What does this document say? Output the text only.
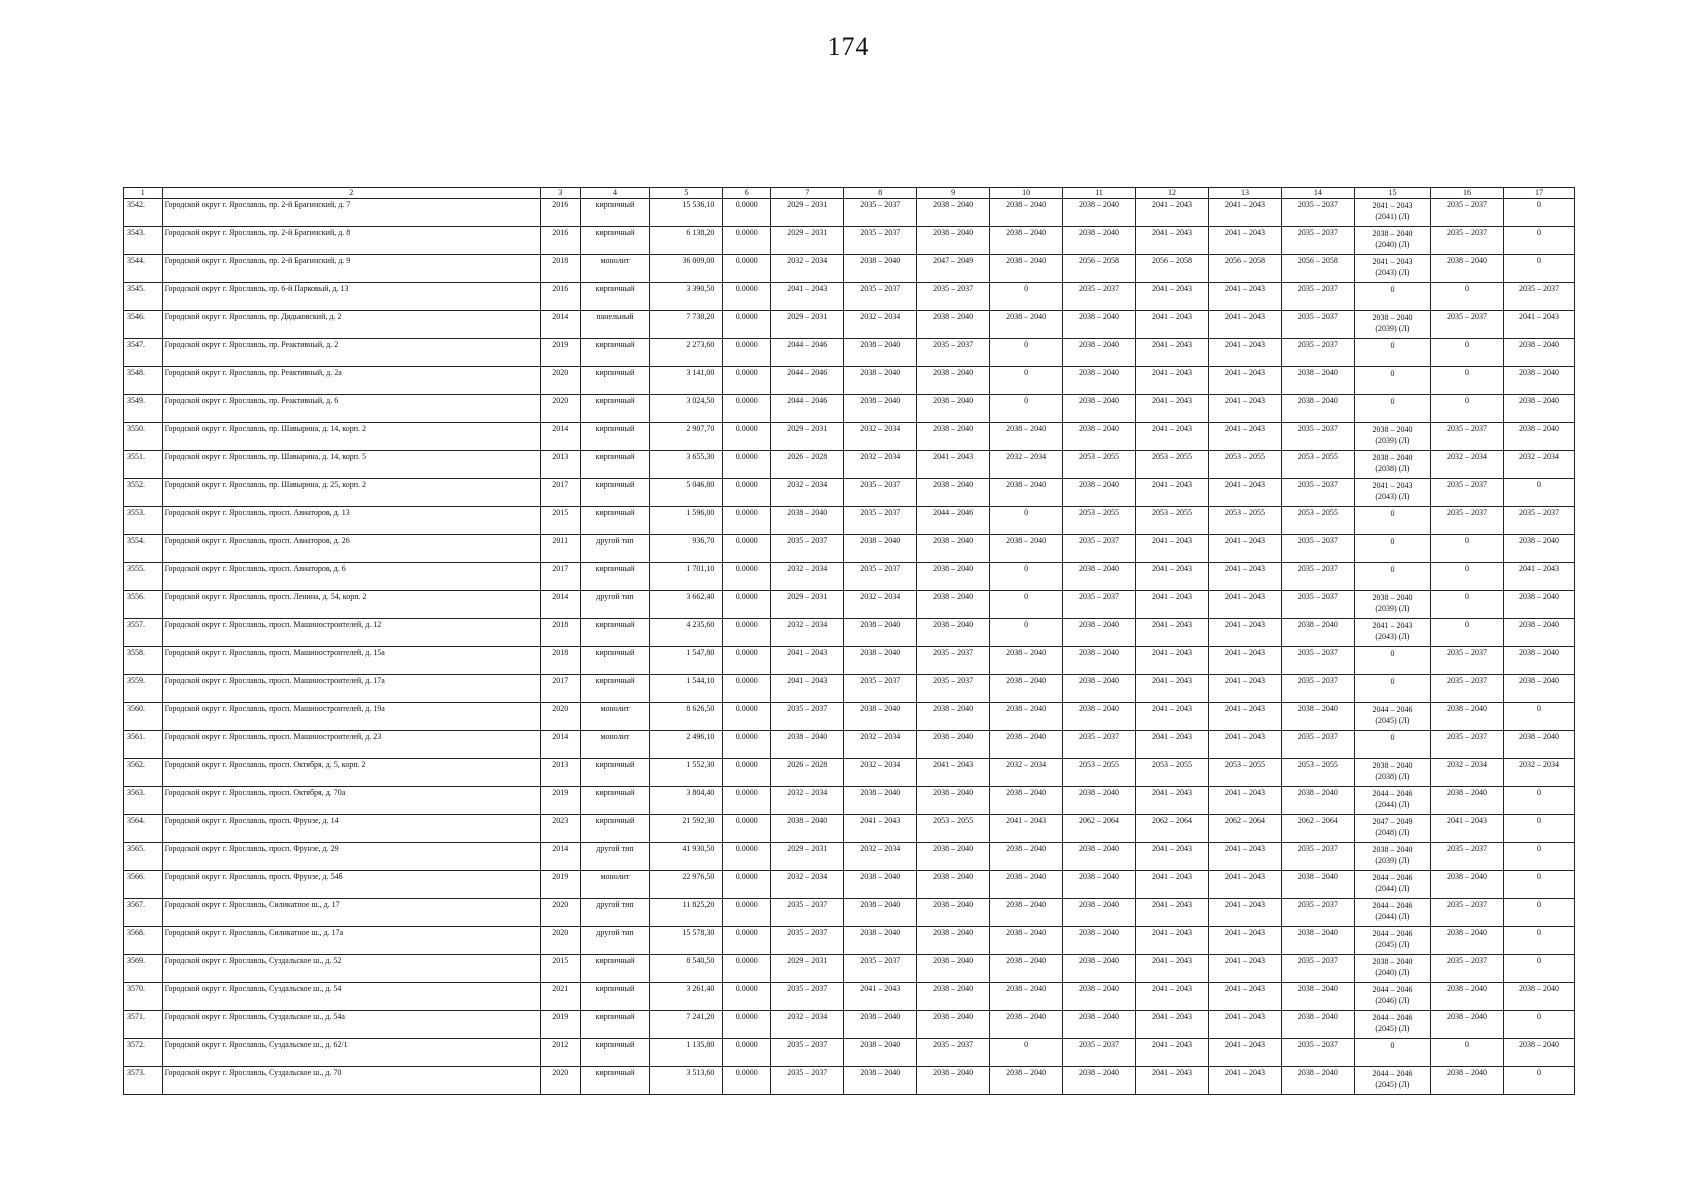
174
1	2	3	4	5	6	7	8	9	10	11	12	13	14	15	16	17
3542.	Городской округ г. Ярославль, пр. 2-й Брагинский, д. 7	2016	кирпичный	15 536,10	0.0000	2029 – 2031	2035 – 2037	2038 – 2040	2038 – 2040	2038 – 2040	2041 – 2043	2041 – 2043	2035 – 2037	2041 – 2043
(2041) (Л)	2035 – 2037	0
3543.	Городской округ г. Ярославль, пр. 2-й Брагинский, д. 8	2016	кирпичный	6 138,20	0.0000	2029 – 2031	2035 – 2037	2038 – 2040	2038 – 2040	2038 – 2040	2041 – 2043	2041 – 2043	2035 – 2037	2038 – 2040
(2040) (Л)	2035 – 2037	0
3544.	Городской округ г. Ярославль, пр. 2-й Брагинский, д. 9	2018	монолит	36 009,00	0.0000	2032 – 2034	2038 – 2040	2047 – 2049	2038 – 2040	2056 – 2058	2056 – 2058	2056 – 2058	2056 – 2058	2041 – 2043
(2043) (Л)	2038 – 2040	0
3545.	Городской округ г. Ярославль, пр. 6-й Парковый, д. 13	2016	кирпичный	3 390,50	0.0000	2041 – 2043	2035 – 2037	2035 – 2037	0	2035 – 2037	2041 – 2043	2041 – 2043	2035 – 2037	0	0	2035 – 2037
3546.	Городской округ г. Ярославль, пр. Дядьковский, д. 2	2014	панельный	7 730,20	0.0000	2029 – 2031	2032 – 2034	2038 – 2040	2038 – 2040	2038 – 2040	2041 – 2043	2041 – 2043	2035 – 2037	2038 – 2040
(2039) (Л)	2035 – 2037	2041 – 2043
3547.	Городской округ г. Ярославль, пр. Реактивный, д. 2	2019	кирпичный	2 273,60	0.0000	2044 – 2046	2038 – 2040	2035 – 2037	0	2038 – 2040	2041 – 2043	2041 – 2043	2035 – 2037	0	0	2038 – 2040
3548.	Городской округ г. Ярославль, пр. Реактивный, д. 2а	2020	кирпичный	3 141,00	0.0000	2044 – 2046	2038 – 2040	2038 – 2040	0	2038 – 2040	2041 – 2043	2041 – 2043	2038 – 2040	0	0	2038 – 2040
3549.	Городской округ г. Ярославль, пр. Реактивный, д. 6	2020	кирпичный	3 024,50	0.0000	2044 – 2046	2038 – 2040	2038 – 2040	0	2038 – 2040	2041 – 2043	2041 – 2043	2038 – 2040	0	0	2038 – 2040
3550.	Городской округ г. Ярославль, пр. Шавырина, д. 14, корп. 2	2014	кирпичный	2 907,70	0.0000	2029 – 2031	2032 – 2034	2038 – 2040	2038 – 2040	2038 – 2040	2041 – 2043	2041 – 2043	2035 – 2037	2038 – 2040
(2039) (Л)	2035 – 2037	2038 – 2040
3551.	Городской округ г. Ярославль, пр. Шавырина, д. 14, корп. 5	2013	кирпичный	3 655,30	0.0000	2026 – 2028	2032 – 2034	2041 – 2043	2032 – 2034	2053 – 2055	2053 – 2055	2053 – 2055	2053 – 2055	2038 – 2040
(2038) (Л)	2032 – 2034	2032 – 2034
3552.	Городской округ г. Ярославль, пр. Шавырина, д. 25, корп. 2	2017	кирпичный	5 046,80	0.0000	2032 – 2034	2035 – 2037	2038 – 2040	2038 – 2040	2038 – 2040	2041 – 2043	2041 – 2043	2035 – 2037	2041 – 2043
(2043) (Л)	2035 – 2037	0
3553.	Городской округ г. Ярославль, просп. Авиаторов, д. 13	2015	кирпичный	1 596,00	0.0000	2038 – 2040	2035 – 2037	2044 – 2046	0	2053 – 2055	2053 – 2055	2053 – 2055	2053 – 2055	0	2035 – 2037	2035 – 2037
3554.	Городской округ г. Ярославль, просп. Авиаторов, д. 26	2011	другой тип	936,70	0.0000	2035 – 2037	2038 – 2040	2038 – 2040	2038 – 2040	2035 – 2037	2041 – 2043	2041 – 2043	2035 – 2037	0	0	2038 – 2040
3555.	Городской округ г. Ярославль, просп. Авиаторов, д. 6	2017	кирпичный	1 701,10	0.0000	2032 – 2034	2035 – 2037	2038 – 2040	0	2038 – 2040	2041 – 2043	2041 – 2043	2035 – 2037	0	0	2041 – 2043
3556.	Городской округ г. Ярославль, просп. Ленина, д. 54, корп. 2	2014	другой тип	3 662,40	0.0000	2029 – 2031	2032 – 2034	2038 – 2040	0	2035 – 2037	2041 – 2043	2041 – 2043	2035 – 2037	2038 – 2040
(2039) (Л)	0	2038 – 2040
3557.	Городской округ г. Ярославль, просп. Машиностроителей, д. 12	2018	кирпичный	4 235,60	0.0000	2032 – 2034	2038 – 2040	2038 – 2040	0	2038 – 2040	2041 – 2043	2041 – 2043	2038 – 2040	2041 – 2043
(2043) (Л)	0	2038 – 2040
3558.	Городской округ г. Ярославль, просп. Машиностроителей, д. 15а	2018	кирпичный	1 547,80	0.0000	2041 – 2043	2038 – 2040	2035 – 2037	2038 – 2040	2038 – 2040	2041 – 2043	2041 – 2043	2035 – 2037	0	2035 – 2037	2038 – 2040
3559.	Городской округ г. Ярославль, просп. Машиностроителей, д. 17а	2017	кирпичный	1 544,10	0.0000	2041 – 2043	2035 – 2037	2035 – 2037	2038 – 2040	2038 – 2040	2041 – 2043	2041 – 2043	2035 – 2037	0	2035 – 2037	2038 – 2040
3560.	Городской округ г. Ярославль, просп. Машиностроителей, д. 19а	2020	монолит	8 626,50	0.0000	2035 – 2037	2038 – 2040	2038 – 2040	2038 – 2040	2038 – 2040	2041 – 2043	2041 – 2043	2038 – 2040	2044 – 2046
(2045) (Л)	2038 – 2040	0
3561.	Городской округ г. Ярославль, просп. Машиностроителей, д. 23	2014	монолит	2 496,10	0.0000	2038 – 2040	2032 – 2034	2038 – 2040	2038 – 2040	2035 – 2037	2041 – 2043	2041 – 2043	2035 – 2037	0	2035 – 2037	2038 – 2040
3562.	Городской округ г. Ярославль, просп. Октября, д. 5, корп. 2	2013	кирпичный	1 552,30	0.0000	2026 – 2028	2032 – 2034	2041 – 2043	2032 – 2034	2053 – 2055	2053 – 2055	2053 – 2055	2053 – 2055	2038 – 2040
(2038) (Л)	2032 – 2034	2032 – 2034
3563.	Городской округ г. Ярославль, просп. Октября, д. 70а	2019	кирпичный	3 804,40	0.0000	2032 – 2034	2038 – 2040	2038 – 2040	2038 – 2040	2038 – 2040	2041 – 2043	2041 – 2043	2038 – 2040	2044 – 2046
(2044) (Л)	2038 – 2040	0
3564.	Городской округ г. Ярославль, просп. Фрунзе, д. 14	2023	кирпичный	21 592,30	0.0000	2038 – 2040	2041 – 2043	2053 – 2055	2041 – 2043	2062 – 2064	2062 – 2064	2062 – 2064	2062 – 2064	2047 – 2049
(2048) (Л)	2041 – 2043	0
3565.	Городской округ г. Ярославль, просп. Фрунзе, д. 29	2014	другой тип	41 930,50	0.0000	2029 – 2031	2032 – 2034	2038 – 2040	2038 – 2040	2038 – 2040	2041 – 2043	2041 – 2043	2035 – 2037	2038 – 2040
(2039) (Л)	2035 – 2037	0
3566.	Городской округ г. Ярославль, просп. Фрунзе, д. 54б	2019	монолит	22 976,50	0.0000	2032 – 2034	2038 – 2040	2038 – 2040	2038 – 2040	2038 – 2040	2041 – 2043	2041 – 2043	2038 – 2040	2044 – 2046
(2044) (Л)	2038 – 2040	0
3567.	Городской округ г. Ярославль, Силикатное ш., д. 17	2020	другой тип	11 825,20	0.0000	2035 – 2037	2038 – 2040	2038 – 2040	2038 – 2040	2038 – 2040	2041 – 2043	2041 – 2043	2035 – 2037	2044 – 2046
(2044) (Л)	2035 – 2037	0
3568.	Городской округ г. Ярославль, Силикатное ш., д. 17а	2020	другой тип	15 578,30	0.0000	2035 – 2037	2038 – 2040	2038 – 2040	2038 – 2040	2038 – 2040	2041 – 2043	2041 – 2043	2038 – 2040	2044 – 2046
(2045) (Л)	2038 – 2040	0
3569.	Городской округ г. Ярославль, Суздальское ш., д. 52	2015	кирпичный	8 540,50	0.0000	2029 – 2031	2035 – 2037	2038 – 2040	2038 – 2040	2038 – 2040	2041 – 2043	2041 – 2043	2035 – 2037	2038 – 2040
(2040) (Л)	2035 – 2037	0
3570.	Городской округ г. Ярославль, Суздальское ш., д. 54	2021	кирпичный	3 261,40	0.0000	2035 – 2037	2041 – 2043	2038 – 2040	2038 – 2040	2038 – 2040	2041 – 2043	2041 – 2043	2038 – 2040	2044 – 2046
(2046) (Л)	2038 – 2040	2038 – 2040
3571.	Городской округ г. Ярославль, Суздальское ш., д. 54а	2019	кирпичный	7 241,20	0.0000	2032 – 2034	2038 – 2040	2038 – 2040	2038 – 2040	2038 – 2040	2041 – 2043	2041 – 2043	2038 – 2040	2044 – 2046
(2045) (Л)	2038 – 2040	0
3572.	Городской округ г. Ярославль, Суздальское ш., д. 62/1	2012	кирпичный	1 135,80	0.0000	2035 – 2037	2038 – 2040	2035 – 2037	0	2035 – 2037	2041 – 2043	2041 – 2043	2035 – 2037	0	0	2038 – 2040
3573.	Городской округ г. Ярославль, Суздальское ш., д. 70	2020	кирпичный	3 513,60	0.0000	2035 – 2037	2038 – 2040	2038 – 2040	2038 – 2040	2038 – 2040	2041 – 2043	2041 – 2043	2038 – 2040	2044 – 2046
(2045) (Л)	2038 – 2040	0
